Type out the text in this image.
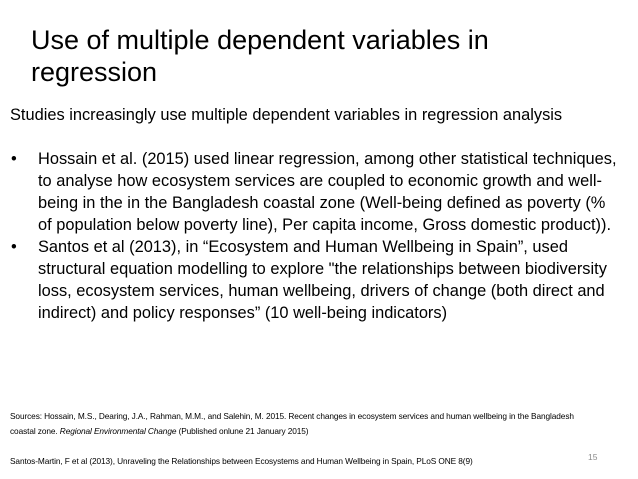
Use of multiple dependent variables in regression
Studies increasingly use multiple dependent variables in regression analysis
• Hossain et al. (2015) used linear regression, among other statistical techniques, to analyse how ecosystem services are coupled to economic growth and well-being in the in the Bangladesh coastal zone (Well-being defined as poverty (% of population below poverty line), Per capita income, Gross domestic product)).
• Santos et al (2013), in “Ecosystem and Human Wellbeing in Spain”, used structural equation modelling to explore "the relationships between biodiversity loss, ecosystem services, human wellbeing, drivers of change (both direct and indirect) and policy responses” (10 well-being indicators)
Sources: Hossain, M.S., Dearing, J.A., Rahman, M.M., and Salehin, M. 2015. Recent changes in ecosystem services and human wellbeing in the Bangladesh coastal zone. Regional Environmental Change (Published onlune 21 January 2015)
Santos-Martin, F et al (2013), Unraveling the Relationships between Ecosystems and Human Wellbeing in Spain, PLoS ONE 8(9)	15
